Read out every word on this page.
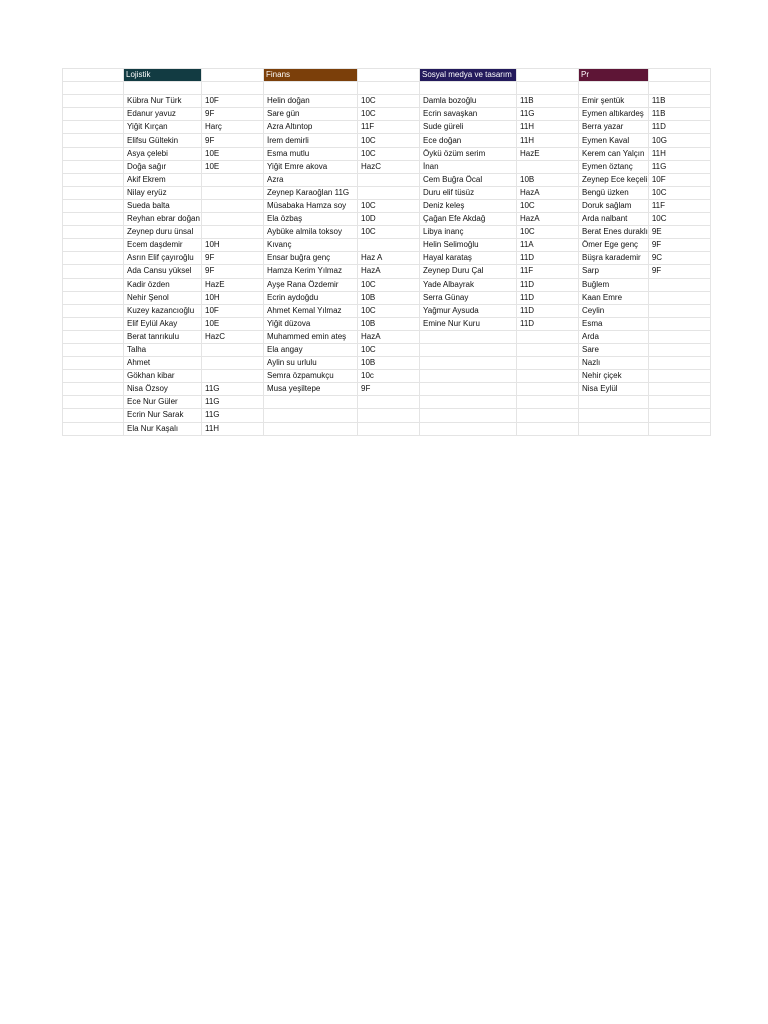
	Lojistik		Finans		Sosyal medya ve tasarım		Pr	

	Kübra Nur Türk	10F	Helin doğan	10C	Damla bozoğlu	11B	Emir şentük	11B
	Edanur yavuz	9F	Sare gün	10C	Ecrin savaşkan	11G	Eymen altıkardeş	11B
	Yiğit Kırçan	Harç	Azra Altıntop	11F	Sude güreli	11H	Berra yazar	11D
	Elifsu Gültekin	9F	İrem demirli	10C	Ece doğan	11H	Eymen Kaval	10G
	Asya çelebi	10E	Esma mutlu	10C	Öykü özüm serim	HazE	Kerem can Yalçın	11H
	Doğa sağır	10E	Yiğit Emre akova	HazC	İnan		Eymen öztanç	11G
	Akif Ekrem		Azra		Cem Buğra Öcal	10B	Zeynep Ece keçeli	10F
	Nilay eryüz		Zeynep Karaoğlan 11G		Duru elif tüsüz	HazA	Bengü üzken	10C
	Sueda balta		Müsabaka Hamza soy	10C	Deniz keleş	10C	Doruk sağlam	11F
	Reyhan ebrar doğan		Ela özbaş	10D	Çağan Efe Akdağ	HazA	Arda nalbant	10C
	Zeynep duru ünsal		Aybüke almila toksoy	10C	Libya inanç	10C	Berat Enes duraklı	9E
	Ecem daşdemir	10H	Kıvanç		Helin Selimoğlu	11A	Ömer Ege genç	9F
	Asrın Elif çayıroğlu	9F	Ensar buğra genç	Haz A	Hayal karataş	11D	Büşra karademir	9C
	Ada Cansu yüksel	9F	Hamza Kerim Yılmaz	HazA	Zeynep Duru Çal	11F	Sarp	9F
	Kadir özden	HazE	Ayşe Rana Özdemir	10C	Yade Albayrak	11D	Buğlem	
	Nehir Şenol	10H	Ecrin aydoğdu	10B	Serra Günay	11D	Kaan Emre	
	Kuzey kazancıoğlu	10F	Ahmet Kemal Yılmaz	10C	Yağmur Aysuda	11D	Ceylin	
	Elif Eylül Akay	10E	Yiğit düzova	10B	Emine Nur Kuru	11D	Esma	
	Berat tanrıkulu	HazC	Muhammed emin ateş	HazA			Arda	
	Talha		Ela angay	10C			Sare	
	Ahmet		Aylin su urlulu	10B			Nazlı	
	Gökhan kibar		Semra özpamukçu	10c			Nehir çiçek	
	Nisa Özsoy	11G	Musa yeşiltepe	9F			Nisa Eylül	
	Ece Nur Güler	11G						
	Ecrin Nur Sarak	11G						
	Ela Nur Kaşalı	11H						
